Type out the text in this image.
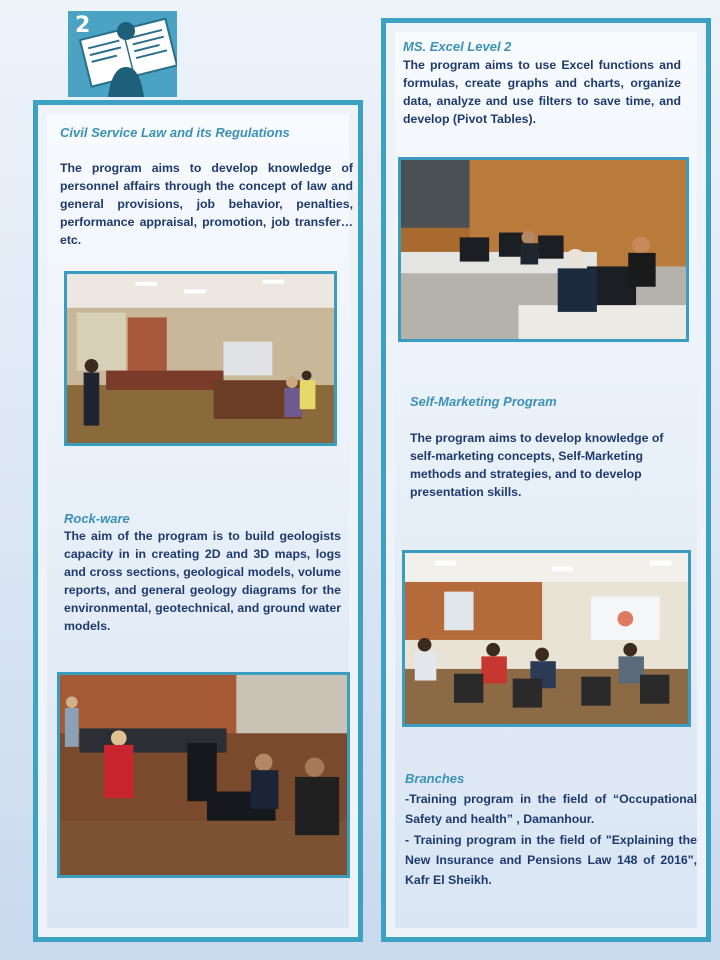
2
Civil Service Law and its Regulations

The program aims to develop knowledge of personnel affairs through the concept of law and general provisions, job behavior, penalties, performance appraisal, promotion, job transfer…etc.

Rock-ware

The aim of the program is to build geologists capacity in in creating 2D and 3D maps, logs and cross sections, geological models, volume reports, and general geology diagrams for the environmental, geotechnical, and ground water models.

MS. Excel Level 2

The program aims to use Excel functions and formulas, create graphs and charts, organize data, analyze and use filters to save time, and develop (Pivot Tables).

Self-Marketing Program

The program aims to develop knowledge of self-marketing concepts, Self-Marketing methods and strategies, and to develop presentation skills.

Branches

-Training program in the field of “Occupational Safety and health” , Damanhour.

- Training program in the field of "Explaining the New Insurance and Pensions Law 148 of 2016", Kafr El Sheikh.
